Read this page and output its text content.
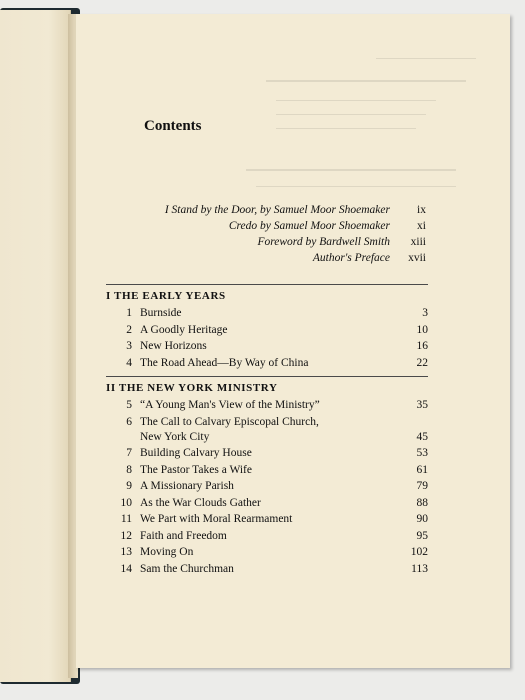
Contents
I Stand by the Door, by Samuel Moor Shoemaker	ix
Credo by Samuel Moor Shoemaker	xi
Foreword by Bardwell Smith	xiii
Author's Preface	xvii
I THE EARLY YEARS
1 Burnside	3
2 A Goodly Heritage	10
3 New Horizons	16
4 The Road Ahead—By Way of China	22
II THE NEW YORK MINISTRY
5 “A Young Man's View of the Ministry”	35
6 The Call to Calvary Episcopal Church,
New York City	45
7 Building Calvary House	53
8 The Pastor Takes a Wife	61
9 A Missionary Parish	79
10 As the War Clouds Gather	88
11 We Part with Moral Rearmament	90
12 Faith and Freedom	95
13 Moving On	102
14 Sam the Churchman	113
